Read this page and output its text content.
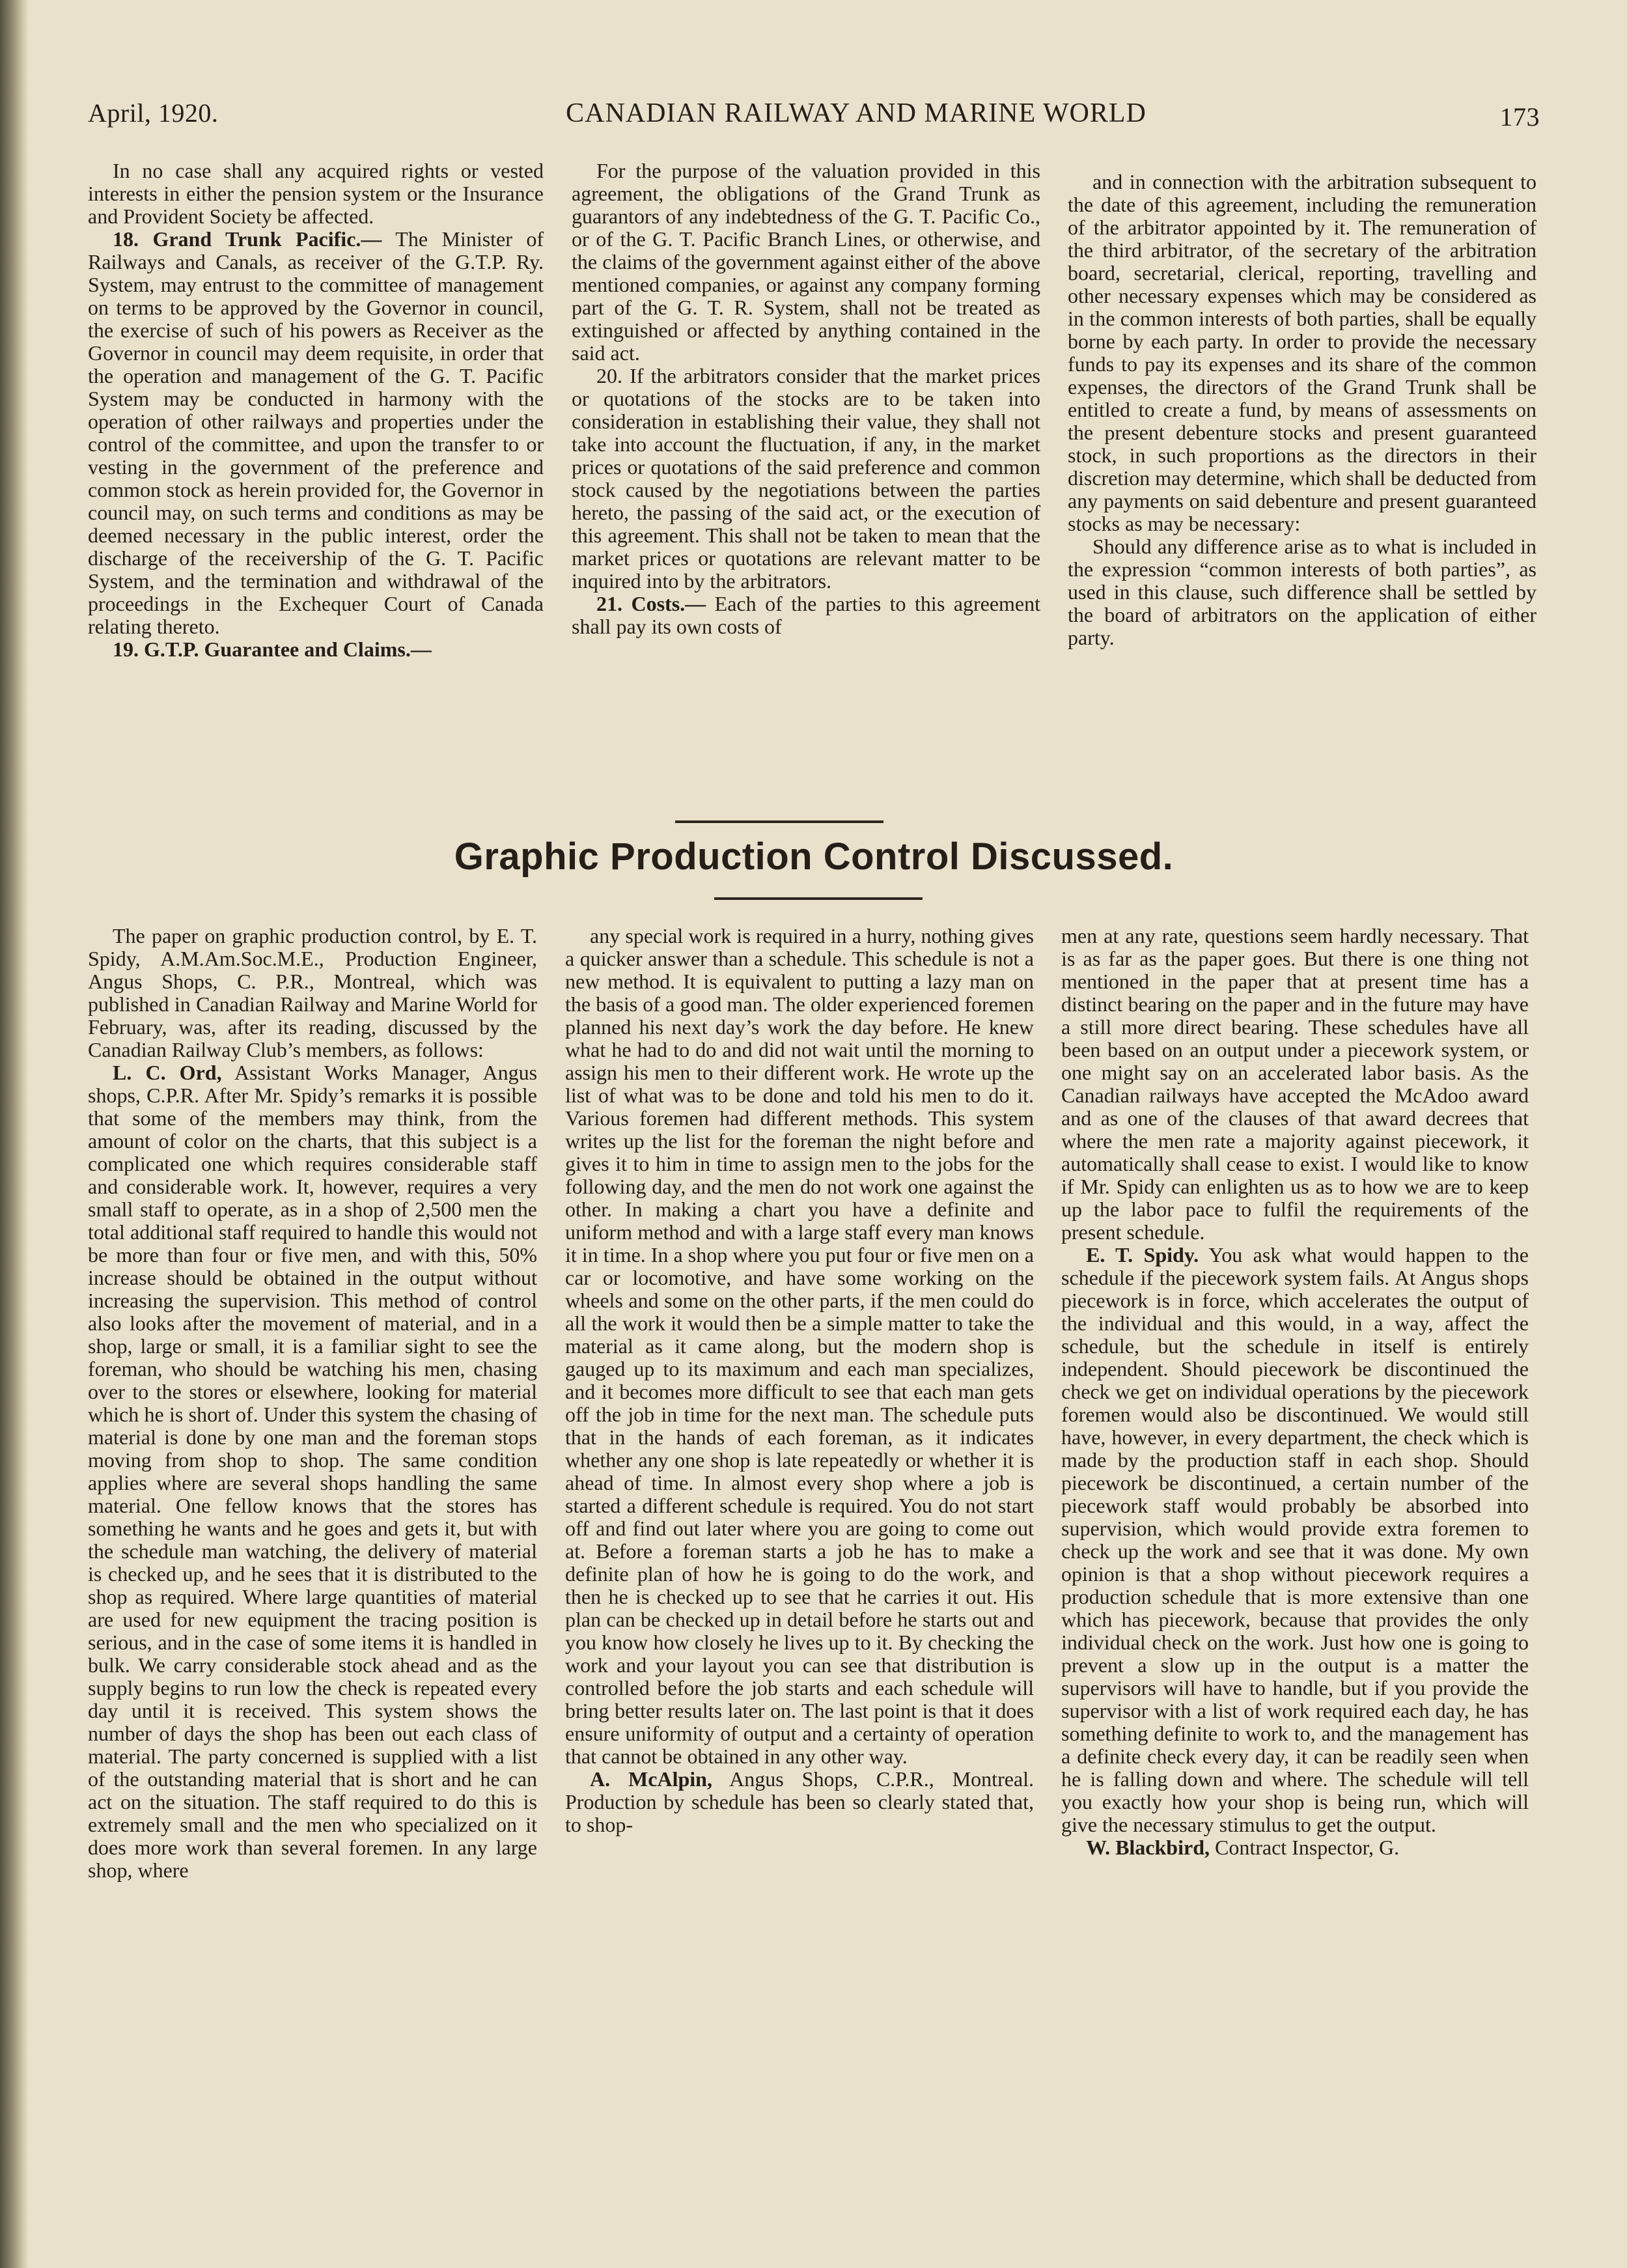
April, 1920.	CANADIAN RAILWAY AND MARINE WORLD	173

In no case shall any acquired rights or vested interests in either the pension system or the Insurance and Provident Society be affected.

18. Grand Trunk Pacific.— The Minister of Railways and Canals, as receiver of the G.T.P. Ry. System, may entrust to the committee of management on terms to be approved by the Governor in council, the exercise of such of his powers as Receiver as the Governor in council may deem requisite, in order that the operation and management of the G. T. Pacific System may be conducted in harmony with the operation of other railways and properties under the control of the committee, and upon the transfer to or vesting in the government of the preference and common stock as herein provided for, the Governor in council may, on such terms and conditions as may be deemed necessary in the public interest, order the discharge of the receivership of the G. T. Pacific System, and the termination and withdrawal of the proceedings in the Exchequer Court of Canada relating thereto.

19. G.T.P. Guarantee and Claims.—

For the purpose of the valuation provided in this agreement, the obligations of the Grand Trunk as guarantors of any indebtedness of the G. T. Pacific Co., or of the G. T. Pacific Branch Lines, or otherwise, and the claims of the government against either of the above mentioned companies, or against any company forming part of the G. T. R. System, shall not be treated as extinguished or affected by anything contained in the said act.

20. If the arbitrators consider that the market prices or quotations of the stocks are to be taken into consideration in establishing their value, they shall not take into account the fluctuation, if any, in the market prices or quotations of the said preference and common stock caused by the negotiations between the parties hereto, the passing of the said act, or the execution of this agreement. This shall not be taken to mean that the market prices or quotations are relevant matter to be inquired into by the arbitrators.

21. Costs.— Each of the parties to this agreement shall pay its own costs of

and in connection with the arbitration subsequent to the date of this agreement, including the remuneration of the arbitrator appointed by it. The remuneration of the third arbitrator, of the secretary of the arbitration board, secretarial, clerical, reporting, travelling and other necessary expenses which may be considered as in the common interests of both parties, shall be equally borne by each party. In order to provide the necessary funds to pay its expenses and its share of the common expenses, the directors of the Grand Trunk shall be entitled to create a fund, by means of assessments on the present debenture stocks and present guaranteed stock, in such proportions as the directors in their discretion may determine, which shall be deducted from any payments on said debenture and present guaranteed stocks as may be necessary:

Should any difference arise as to what is included in the expression “common interests of both parties”, as used in this clause, such difference shall be settled by the board of arbitrators on the application of either party.

Graphic Production Control Discussed.

The paper on graphic production control, by E. T. Spidy, A.M.Am.Soc.M.E., Production Engineer, Angus Shops, C. P.R., Montreal, which was published in Canadian Railway and Marine World for February, was, after its reading, discussed by the Canadian Railway Club’s members, as follows:

L. C. Ord, Assistant Works Manager, Angus shops, C.P.R. After Mr. Spidy’s remarks it is possible that some of the members may think, from the amount of color on the charts, that this subject is a complicated one which requires considerable staff and considerable work. It, however, requires a very small staff to operate, as in a shop of 2,500 men the total additional staff required to handle this would not be more than four or five men, and with this, 50% increase should be obtained in the output without increasing the supervision. This method of control also looks after the movement of material, and in a shop, large or small, it is a familiar sight to see the foreman, who should be watching his men, chasing over to the stores or elsewhere, looking for material which he is short of. Under this system the chasing of material is done by one man and the foreman stops moving from shop to shop. The same condition applies where are several shops handling the same material. One fellow knows that the stores has something he wants and he goes and gets it, but with the schedule man watching, the delivery of material is checked up, and he sees that it is distributed to the shop as required. Where large quantities of material are used for new equipment the tracing position is serious, and in the case of some items it is handled in bulk. We carry considerable stock ahead and as the supply begins to run low the check is repeated every day until it is received. This system shows the number of days the shop has been out each class of material. The party concerned is supplied with a list of the outstanding material that is short and he can act on the situation. The staff required to do this is extremely small and the men who specialized on it does more work than several foremen. In any large shop, where

any special work is required in a hurry, nothing gives a quicker answer than a schedule. This schedule is not a new method. It is equivalent to putting a lazy man on the basis of a good man. The older experienced foremen planned his next day’s work the day before. He knew what he had to do and did not wait until the morning to assign his men to their different work. He wrote up the list of what was to be done and told his men to do it. Various foremen had different methods. This system writes up the list for the foreman the night before and gives it to him in time to assign men to the jobs for the following day, and the men do not work one against the other. In making a chart you have a definite and uniform method and with a large staff every man knows it in time. In a shop where you put four or five men on a car or locomotive, and have some working on the wheels and some on the other parts, if the men could do all the work it would then be a simple matter to take the material as it came along, but the modern shop is gauged up to its maximum and each man specializes, and it becomes more difficult to see that each man gets off the job in time for the next man. The schedule puts that in the hands of each foreman, as it indicates whether any one shop is late repeatedly or whether it is ahead of time. In almost every shop where a job is started a different schedule is required. You do not start off and find out later where you are going to come out at. Before a foreman starts a job he has to make a definite plan of how he is going to do the work, and then he is checked up to see that he carries it out. His plan can be checked up in detail before he starts out and you know how closely he lives up to it. By checking the work and your layout you can see that distribution is controlled before the job starts and each schedule will bring better results later on. The last point is that it does ensure uniformity of output and a certainty of operation that cannot be obtained in any other way.

A. McAlpin, Angus Shops, C.P.R., Montreal. Production by schedule has been so clearly stated that, to shop-

men at any rate, questions seem hardly necessary. That is as far as the paper goes. But there is one thing not mentioned in the paper that at present time has a distinct bearing on the paper and in the future may have a still more direct bearing. These schedules have all been based on an output under a piecework system, or one might say on an accelerated labor basis. As the Canadian railways have accepted the McAdoo award and as one of the clauses of that award decrees that where the men rate a majority against piecework, it automatically shall cease to exist. I would like to know if Mr. Spidy can enlighten us as to how we are to keep up the labor pace to fulfil the requirements of the present schedule.

E. T. Spidy. You ask what would happen to the schedule if the piecework system fails. At Angus shops piecework is in force, which accelerates the output of the individual and this would, in a way, affect the schedule, but the schedule in itself is entirely independent. Should piecework be discontinued the check we get on individual operations by the piecework foremen would also be discontinued. We would still have, however, in every department, the check which is made by the production staff in each shop. Should piecework be discontinued, a certain number of the piecework staff would probably be absorbed into supervision, which would provide extra foremen to check up the work and see that it was done. My own opinion is that a shop without piecework requires a production schedule that is more extensive than one which has piecework, because that provides the only individual check on the work. Just how one is going to prevent a slow up in the output is a matter the supervisors will have to handle, but if you provide the supervisor with a list of work required each day, he has something definite to work to, and the management has a definite check every day, it can be readily seen when he is falling down and where. The schedule will tell you exactly how your shop is being run, which will give the necessary stimulus to get the output.

W. Blackbird, Contract Inspector, G.
